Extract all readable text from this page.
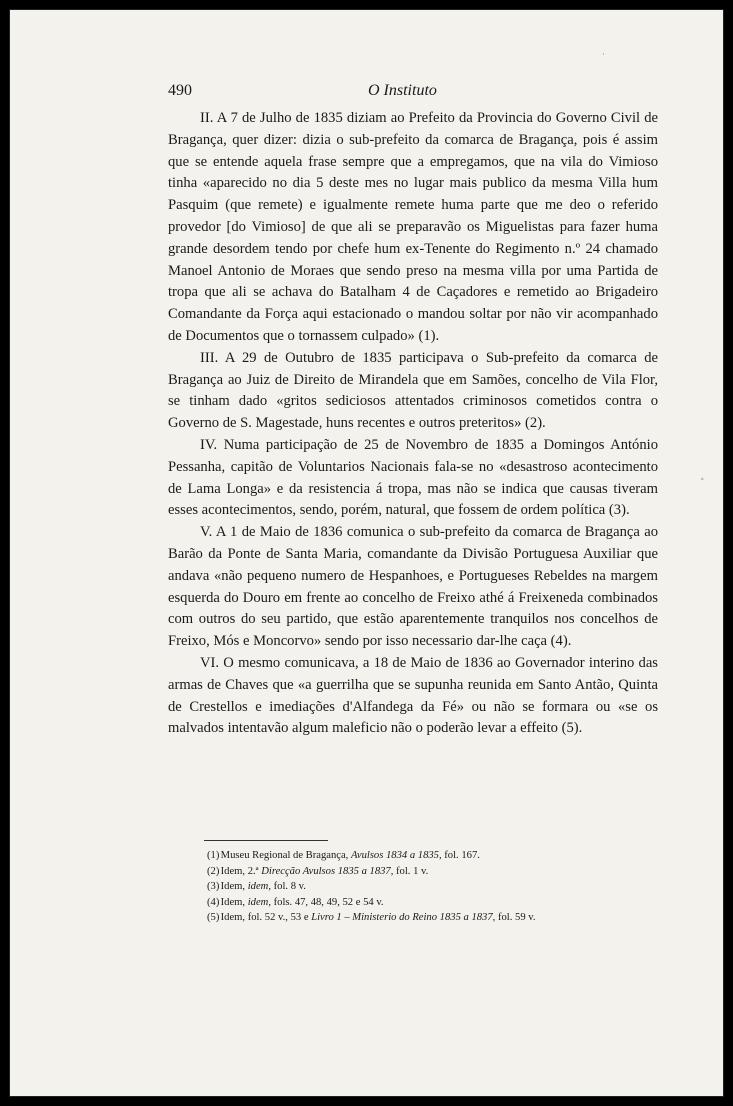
·
˄
490	O Instituto

II. A 7 de Julho de 1835 diziam ao Prefeito da Provincia do Governo Civil de Bragança, quer dizer: dizia o sub-prefeito da comarca de Bragança, pois é assim que se entende aquela frase sempre que a empregamos, que na vila do Vimioso tinha «aparecido no dia 5 deste mes no lugar mais publico da mesma Villa hum Pasquim (que remete) e igualmente remete huma parte que me deo o referido provedor [do Vimioso] de que ali se preparavão os Miguelistas para fazer huma grande desordem tendo por chefe hum ex-Tenente do Regimento n.º 24 chamado Manoel Antonio de Moraes que sendo preso na mesma villa por uma Partida de tropa que ali se achava do Batalham 4 de Caçadores e remetido ao Brigadeiro Comandante da Força aqui estacionado o mandou soltar por não vir acompanhado de Documentos que o tornassem culpado» (1).

III. A 29 de Outubro de 1835 participava o Sub-prefeito da comarca de Bragança ao Juiz de Direito de Mirandela que em Samões, concelho de Vila Flor, se tinham dado «gritos sediciosos attentados criminosos cometidos contra o Governo de S. Magestade, huns recentes e outros preteritos» (2).

IV. Numa participação de 25 de Novembro de 1835 a Domingos António Pessanha, capitão de Voluntarios Nacionais fala-se no «desastroso acontecimento de Lama Longa» e da resistencia á tropa, mas não se indica que causas tiveram esses acontecimentos, sendo, porém, natural, que fossem de ordem política (3).

V. A 1 de Maio de 1836 comunica o sub-prefeito da comarca de Bragança ao Barão da Ponte de Santa Maria, comandante da Divisão Portuguesa Auxiliar que andava «não pequeno numero de Hespanhoes, e Portugueses Rebeldes na margem esquerda do Douro em frente ao concelho de Freixo athé á Freixeneda combinados com outros do seu partido, que estão aparentemente tranquilos nos concelhos de Freixo, Mós e Moncorvo» sendo por isso necessario dar-lhe caça (4).

VI. O mesmo comunicava, a 18 de Maio de 1836 ao Governador interino das armas de Chaves que «a guerrilha que se supunha reunida em Santo Antão, Quinta de Crestellos e imediações d'Alfandega da Fé» ou não se formara ou «se os malvados intentavão algum maleficio não o poderão levar a effeito (5).

(1) Museu Regional de Bragança, Avulsos 1834 a 1835, fol. 167.
(2) Idem, 2.ª Direcção Avulsos 1835 a 1837, fol. 1 v.
(3) Idem, idem, fol. 8 v.
(4) Idem, idem, fols. 47, 48, 49, 52 e 54 v.
(5) Idem, fol. 52 v., 53 e Livro 1 – Ministerio do Reino 1835 a 1837, fol. 59 v.
